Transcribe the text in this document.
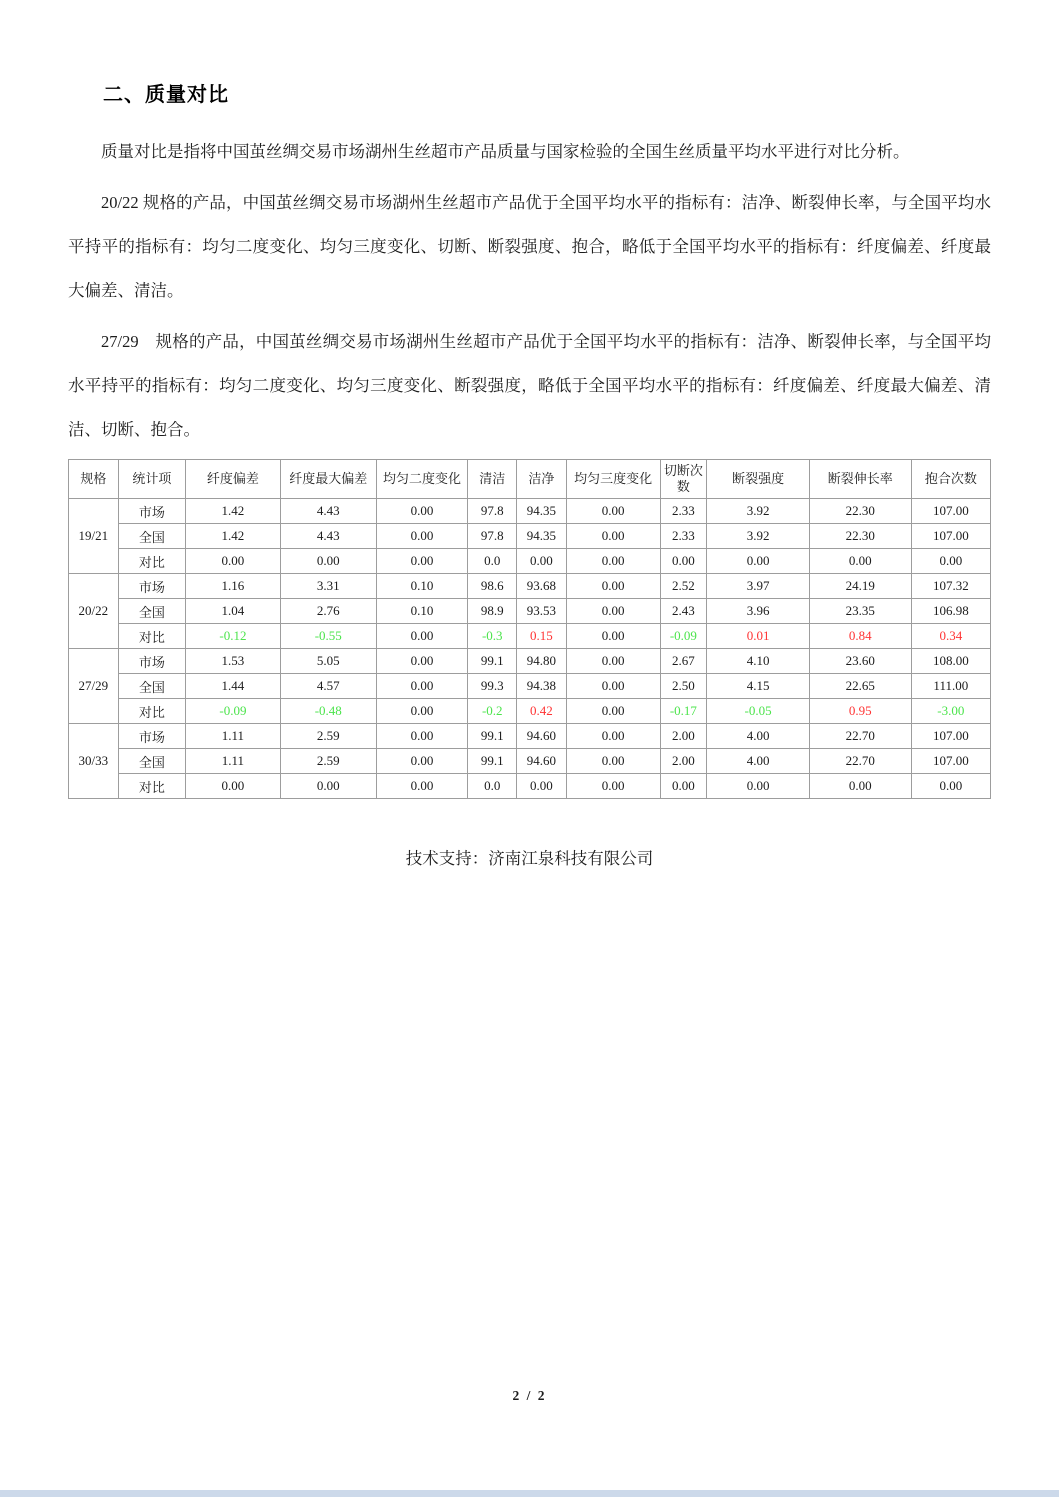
二、质量对比

质量对比是指将中国茧丝绸交易市场湖州生丝超市产品质量与国家检验的全国生丝质量平均水平进行对比分析。

20/22 规格的产品，中国茧丝绸交易市场湖州生丝超市产品优于全国平均水平的指标有：洁净、断裂伸长率，与全国平均水平持平的指标有：均匀二度变化、均匀三度变化、切断、断裂强度、抱合，略低于全国平均水平的指标有：纤度偏差、纤度最大偏差、清洁。

27/29　规格的产品，中国茧丝绸交易市场湖州生丝超市产品优于全国平均水平的指标有：洁净、断裂伸长率，与全国平均水平持平的指标有：均匀二度变化、均匀三度变化、断裂强度，略低于全国平均水平的指标有：纤度偏差、纤度最大偏差、清洁、切断、抱合。

规格	统计项	纤度偏差	纤度最大偏差	均匀二度变化	清洁	洁净	均匀三度变化	切断次数	断裂强度	断裂伸长率	抱合次数
19/21	市场	1.42	4.43	0.00	97.8	94.35	0.00	2.33	3.92	22.30	107.00
	全国	1.42	4.43	0.00	97.8	94.35	0.00	2.33	3.92	22.30	107.00
	对比	0.00	0.00	0.00	0.0	0.00	0.00	0.00	0.00	0.00	0.00
20/22	市场	1.16	3.31	0.10	98.6	93.68	0.00	2.52	3.97	24.19	107.32
	全国	1.04	2.76	0.10	98.9	93.53	0.00	2.43	3.96	23.35	106.98
	对比	-0.12	-0.55	0.00	-0.3	0.15	0.00	-0.09	0.01	0.84	0.34
27/29	市场	1.53	5.05	0.00	99.1	94.80	0.00	2.67	4.10	23.60	108.00
	全国	1.44	4.57	0.00	99.3	94.38	0.00	2.50	4.15	22.65	111.00
	对比	-0.09	-0.48	0.00	-0.2	0.42	0.00	-0.17	-0.05	0.95	-3.00
30/33	市场	1.11	2.59	0.00	99.1	94.60	0.00	2.00	4.00	22.70	107.00
	全国	1.11	2.59	0.00	99.1	94.60	0.00	2.00	4.00	22.70	107.00
	对比	0.00	0.00	0.00	0.0	0.00	0.00	0.00	0.00	0.00	0.00
技术支持：济南江泉科技有限公司
2 / 2
